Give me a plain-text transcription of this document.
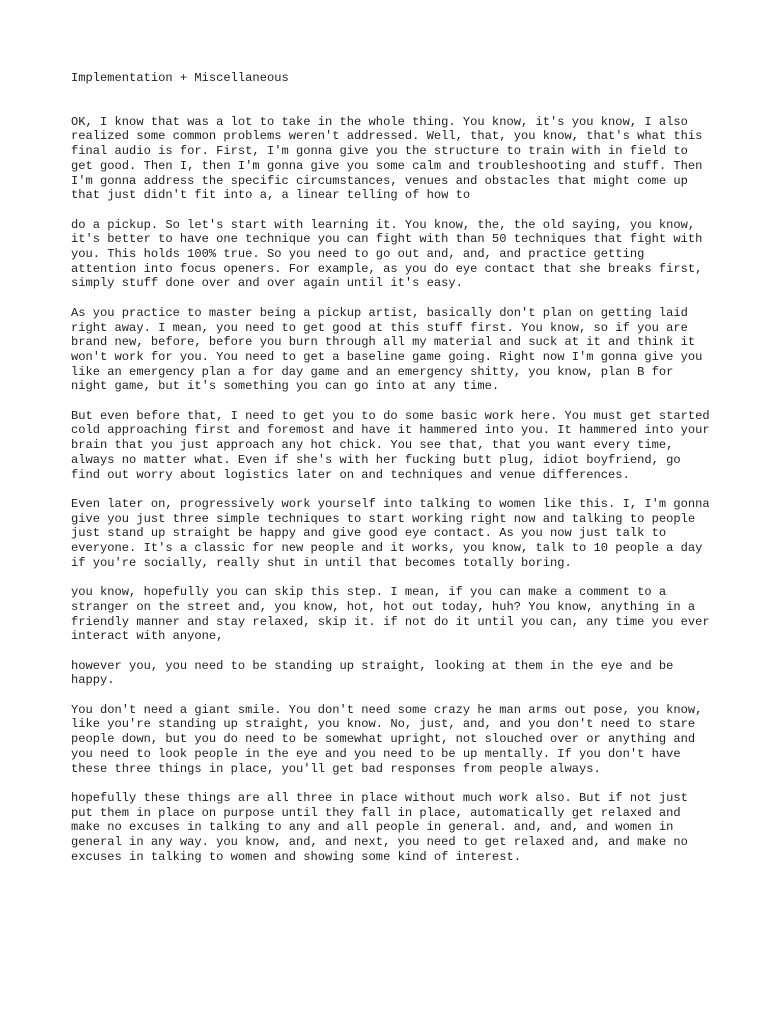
Implementation + Miscellaneous

OK, I know that was a lot to take in the whole thing. You know, it's you know, I also realized some common problems weren't addressed. Well, that, you know, that's what this final audio is for. First, I'm gonna give you the structure to train with in field to get good. Then I, then I'm gonna give you some calm and troubleshooting and stuff. Then I'm gonna address the specific circumstances, venues and obstacles that might come up that just didn't fit into a, a linear telling of how to

do a pickup. So let's start with learning it. You know, the, the old saying, you know, it's better to have one technique you can fight with than 50 techniques that fight with you. This holds 100% true. So you need to go out and, and, and practice getting attention into focus openers. For example, as you do eye contact that she breaks first, simply stuff done over and over again until it's easy.

As you practice to master being a pickup artist, basically don't plan on getting laid right away. I mean, you need to get good at this stuff first. You know, so if you are brand new, before, before you burn through all my material and suck at it and think it won't work for you. You need to get a baseline game going. Right now I'm gonna give you like an emergency plan a for day game and an emergency shitty, you know, plan B for night game, but it's something you can go into at any time.

But even before that, I need to get you to do some basic work here. You must get started cold approaching first and foremost and have it hammered into you. It hammered into your brain that you just approach any hot chick. You see that, that you want every time, always no matter what. Even if she's with her fucking butt plug, idiot boyfriend, go find out worry about logistics later on and techniques and venue differences.

Even later on, progressively work yourself into talking to women like this. I, I'm gonna give you just three simple techniques to start working right now and talking to people just stand up straight be happy and give good eye contact. As you now just talk to everyone. It's a classic for new people and it works, you know, talk to 10 people a day if you're socially, really shut in until that becomes totally boring.

you know, hopefully you can skip this step. I mean, if you can make a comment to a stranger on the street and, you know, hot, hot out today, huh? You know, anything in a friendly manner and stay relaxed, skip it. if not do it until you can, any time you ever interact with anyone,

however you, you need to be standing up straight, looking at them in the eye and be happy.

You don't need a giant smile. You don't need some crazy he man arms out pose, you know, like you're standing up straight, you know. No, just, and, and you don't need to stare people down, but you do need to be somewhat upright, not slouched over or anything and you need to look people in the eye and you need to be up mentally. If you don't have these three things in place, you'll get bad responses from people always.

hopefully these things are all three in place without much work also. But if not just put them in place on purpose until they fall in place, automatically get relaxed and make no excuses in talking to any and all people in general. and, and, and women in general in any way. you know, and, and next, you need to get relaxed and, and make no excuses in talking to women and showing some kind of interest.
